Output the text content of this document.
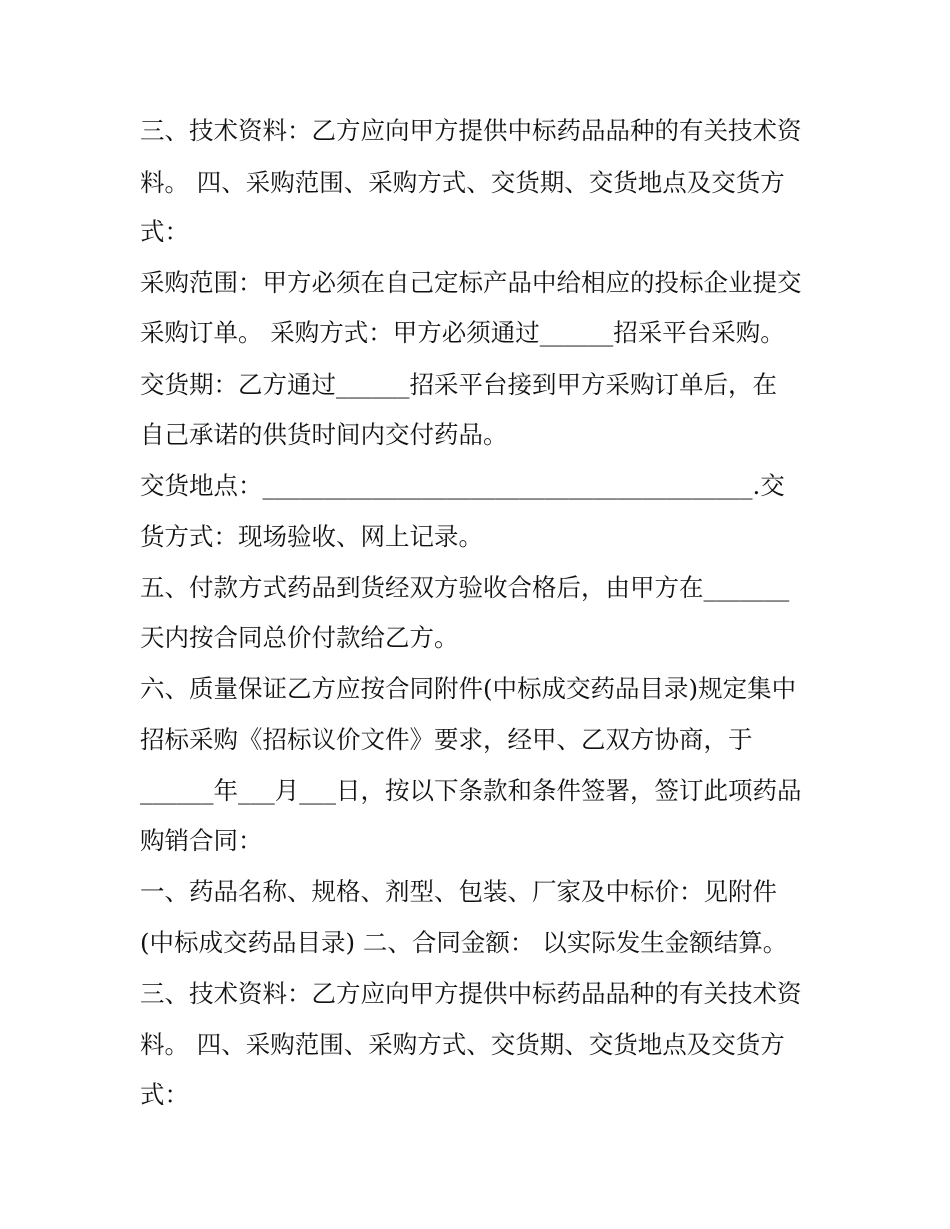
三、技术资料：乙方应向甲方提供中标药品品种的有关技术资
料。 四、采购范围、采购方式、交货期、交货地点及交货方
式：
采购范围：甲方必须在自己定标产品中给相应的投标企业提交
采购订单。 采购方式：甲方必须通过______招采平台采购。
交货期：乙方通过______招采平台接到甲方采购订单后，在
自己承诺的供货时间内交付药品。
交货地点：________________________________________.交
货方式：现场验收、网上记录。
五、付款方式药品到货经双方验收合格后，由甲方在_______
天内按合同总价付款给乙方。
六、质量保证乙方应按合同附件(中标成交药品目录)规定集中
招标采购《招标议价文件》要求，经甲、乙双方协商，于
______年___月___日，按以下条款和条件签署，签订此项药品
购销合同：
一、药品名称、规格、剂型、包装、厂家及中标价：见附件
(中标成交药品目录) 二、合同金额： 以实际发生金额结算。
三、技术资料：乙方应向甲方提供中标药品品种的有关技术资
料。 四、采购范围、采购方式、交货期、交货地点及交货方
式：
